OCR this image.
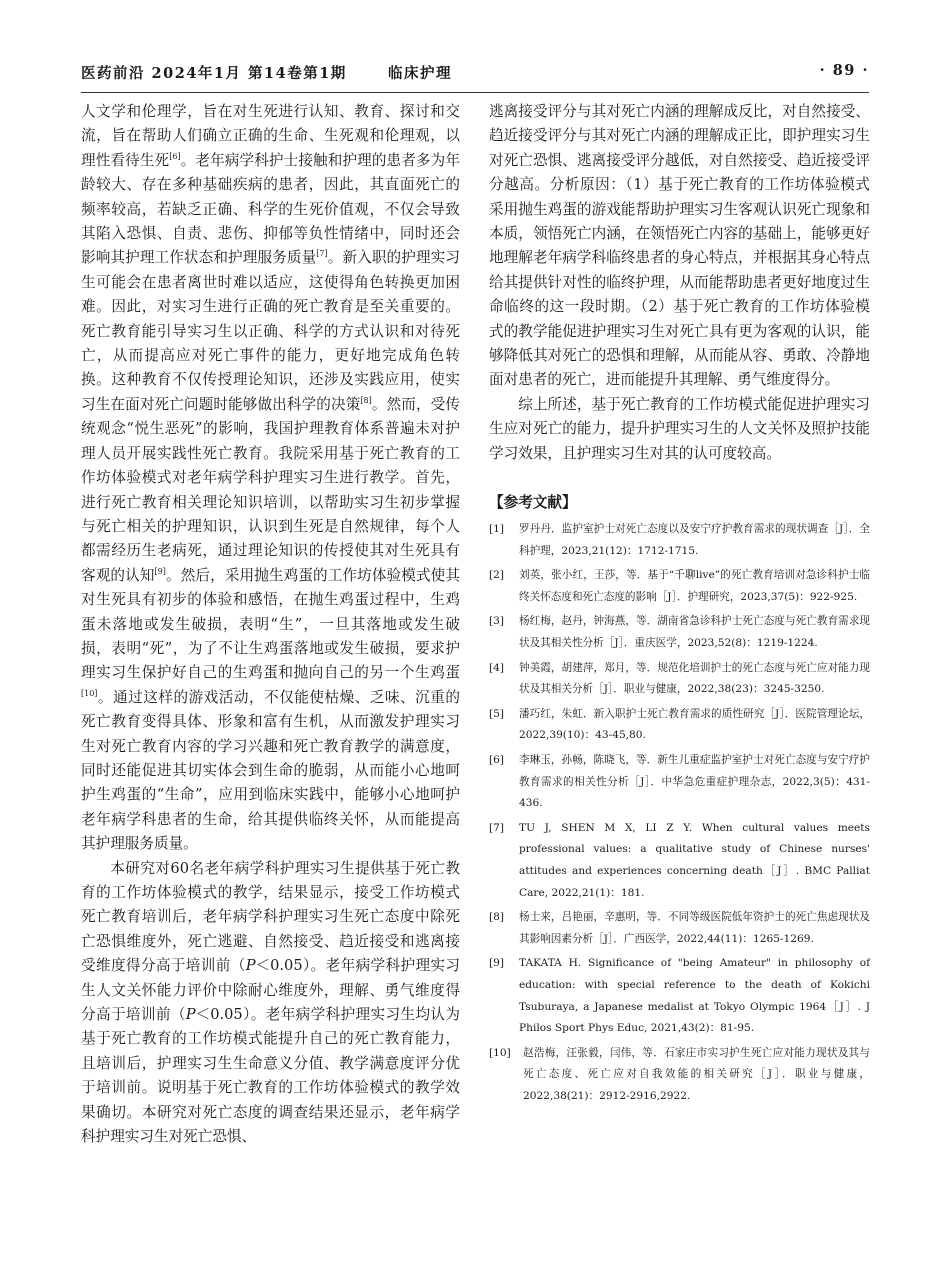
医药前沿 2024年1月 第14卷第1期	临床护理	· 89 ·

人文学和伦理学，旨在对生死进行认知、教育、探讨和交流，旨在帮助人们确立正确的生命、生死观和伦理观，以理性看待生死[6]。老年病学科护士接触和护理的患者多为年龄较大、存在多种基础疾病的患者，因此，其直面死亡的频率较高，若缺乏正确、科学的生死价值观，不仅会导致其陷入恐惧、自责、悲伤、抑郁等负性情绪中，同时还会影响其护理工作状态和护理服务质量[7]。新入职的护理实习生可能会在患者离世时难以适应，这使得角色转换更加困难。因此，对实习生进行正确的死亡教育是至关重要的。死亡教育能引导实习生以正确、科学的方式认识和对待死亡，从而提高应对死亡事件的能力，更好地完成角色转换。这种教育不仅传授理论知识，还涉及实践应用，使实习生在面对死亡问题时能够做出科学的决策[8]。然而，受传统观念“悦生恶死”的影响，我国护理教育体系普遍未对护理人员开展实践性死亡教育。我院采用基于死亡教育的工作坊体验模式对老年病学科护理实习生进行教学。首先，进行死亡教育相关理论知识培训，以帮助实习生初步掌握与死亡相关的护理知识，认识到生死是自然规律，每个人都需经历生老病死，通过理论知识的传授使其对生死具有客观的认知[9]。然后，采用抛生鸡蛋的工作坊体验模式使其对生死具有初步的体验和感悟，在抛生鸡蛋过程中，生鸡蛋未落地或发生破损，表明“生”，一旦其落地或发生破损，表明“死”，为了不让生鸡蛋落地或发生破损，要求护理实习生保护好自己的生鸡蛋和抛向自己的另一个生鸡蛋[10]。通过这样的游戏活动，不仅能使枯燥、乏味、沉重的死亡教育变得具体、形象和富有生机，从而激发护理实习生对死亡教育内容的学习兴趣和死亡教育教学的满意度，同时还能促进其切实体会到生命的脆弱，从而能小心地呵护生鸡蛋的“生命”，应用到临床实践中，能够小心地呵护老年病学科患者的生命，给其提供临终关怀，从而能提高其护理服务质量。

本研究对60名老年病学科护理实习生提供基于死亡教育的工作坊体验模式的教学，结果显示，接受工作坊模式死亡教育培训后，老年病学科护理实习生死亡态度中除死亡恐惧维度外，死亡逃避、自然接受、趋近接受和逃离接受维度得分高于培训前（P＜0.05）。老年病学科护理实习生人文关怀能力评价中除耐心维度外，理解、勇气维度得分高于培训前（P＜0.05）。老年病学科护理实习生均认为基于死亡教育的工作坊模式能提升自己的死亡教育能力，且培训后，护理实习生生命意义分值、教学满意度评分优于培训前。说明基于死亡教育的工作坊体验模式的教学效果确切。本研究对死亡态度的调查结果还显示，老年病学科护理实习生对死亡恐惧、

逃离接受评分与其对死亡内涵的理解成反比，对自然接受、趋近接受评分与其对死亡内涵的理解成正比，即护理实习生对死亡恐惧、逃离接受评分越低，对自然接受、趋近接受评分越高。分析原因：（1）基于死亡教育的工作坊体验模式采用抛生鸡蛋的游戏能帮助护理实习生客观认识死亡现象和本质，领悟死亡内涵，在领悟死亡内容的基础上，能够更好地理解老年病学科临终患者的身心特点，并根据其身心特点给其提供针对性的临终护理，从而能帮助患者更好地度过生命临终的这一段时期。（2）基于死亡教育的工作坊体验模式的教学能促进护理实习生对死亡具有更为客观的认识，能够降低其对死亡的恐惧和理解，从而能从容、勇敢、冷静地面对患者的死亡，进而能提升其理解、勇气维度得分。

综上所述，基于死亡教育的工作坊模式能促进护理实习生应对死亡的能力，提升护理实习生的人文关怀及照护技能学习效果，且护理实习生对其的认可度较高。

【参考文献】
[1] 罗丹丹．监护室护士对死亡态度以及安宁疗护教育需求的现状调查［J］．全科护理，2023,21(12)：1712-1715.
[2] 刘英，张小红，王莎，等．基于“千聊live”的死亡教育培训对急诊科护士临终关怀态度和死亡态度的影响［J］．护理研究，2023,37(5)：922-925.
[3] 杨红梅，赵丹，钟海燕，等．湖南省急诊科护士死亡态度与死亡教育需求现状及其相关性分析［J］．重庆医学，2023,52(8)：1219-1224.
[4] 钟美霞，胡建萍，郑月，等．规范化培训护士的死亡态度与死亡应对能力现状及其相关分析［J］．职业与健康，2022,38(23)：3245-3250.
[5] 潘巧红，朱虹．新入职护士死亡教育需求的质性研究［J］．医院管理论坛，2022,39(10)：43-45,80.
[6] 李琳玉，孙畅，陈晓飞，等．新生儿重症监护室护士对死亡态度与安宁疗护教育需求的相关性分析［J］．中华急危重症护理杂志，2022,3(5)：431-436.
[7] TU J, SHEN M X, LI Z Y. When cultural values meets professional values: a qualitative study of Chinese nurses' attitudes and experiences concerning death［J］. BMC Palliat Care, 2022,21(1)：181.
[8] 杨士来，吕艳丽，辛惠明，等．不同等级医院低年资护士的死亡焦虑现状及其影响因素分析［J］．广西医学，2022,44(11)：1265-1269.
[9] TAKATA H. Significance of "being Amateur" in philosophy of education: with special reference to the death of Kokichi Tsuburaya, a Japanese medalist at Tokyo Olympic 1964［J］. J Philos Sport Phys Educ, 2021,43(2)：81-95.
[10] 赵浩梅，汪张毅，闫伟，等．石家庄市实习护生死亡应对能力现状及其与死亡态度、死亡应对自我效能的相关研究［J］．职业与健康，2022,38(21)：2912-2916,2922.
